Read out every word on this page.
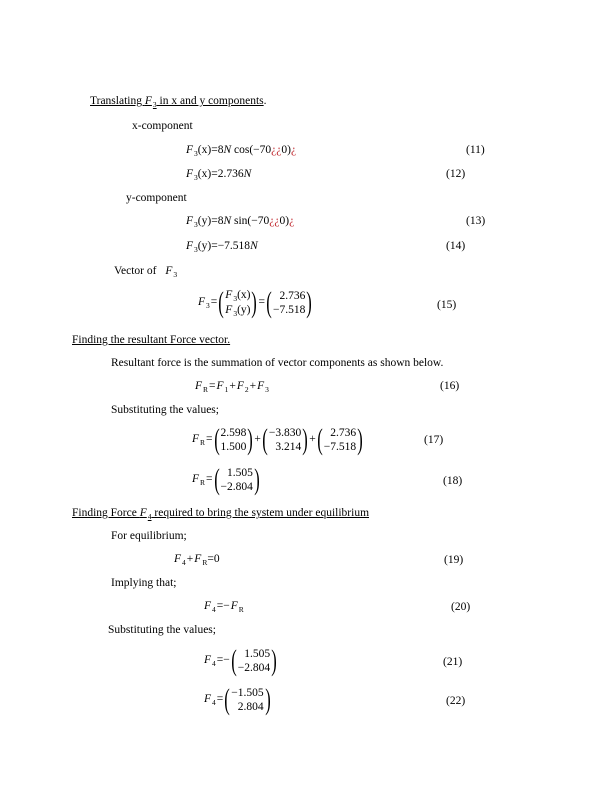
Translating $F_3$ in x and y components.
x-component
$F_3(x)=8N$ cos(−70¿¿0)¿	(11)
$F_3(x)=2.736N$	(12)
y-component
$F_3(y)=8N$ sin(−70¿¿0)¿	(13)
$F_3(y)=-7.518N$	(14)
Vector of $F_3$
F 3 = ( $F_3(x)$
$F_3(y)$ ) = ( 2.736
−7.518 )	(15)
Finding the resultant Force vector.
Resultant force is the summation of vector components as shown below.
$F_R=F_1+F_2+F_3$	(16)
Substituting the values;
F R = ( 2.598
1.500 ) + ( −3.830
3.214 ) + ( 2.736
−7.518 )	(17)
F R = ( 1.505
−2.804 )	(18)
Finding Force $F_4$ required to bring the system under equilibrium
For equilibrium;
$F_4+F_R=0$	(19)
Implying that;
$F_4=-F_R$	(20)
Substituting the values;
F 4 =− ( 1.505
−2.804 )	(21)
F 4 = ( −1.505
2.804 )	(22)
